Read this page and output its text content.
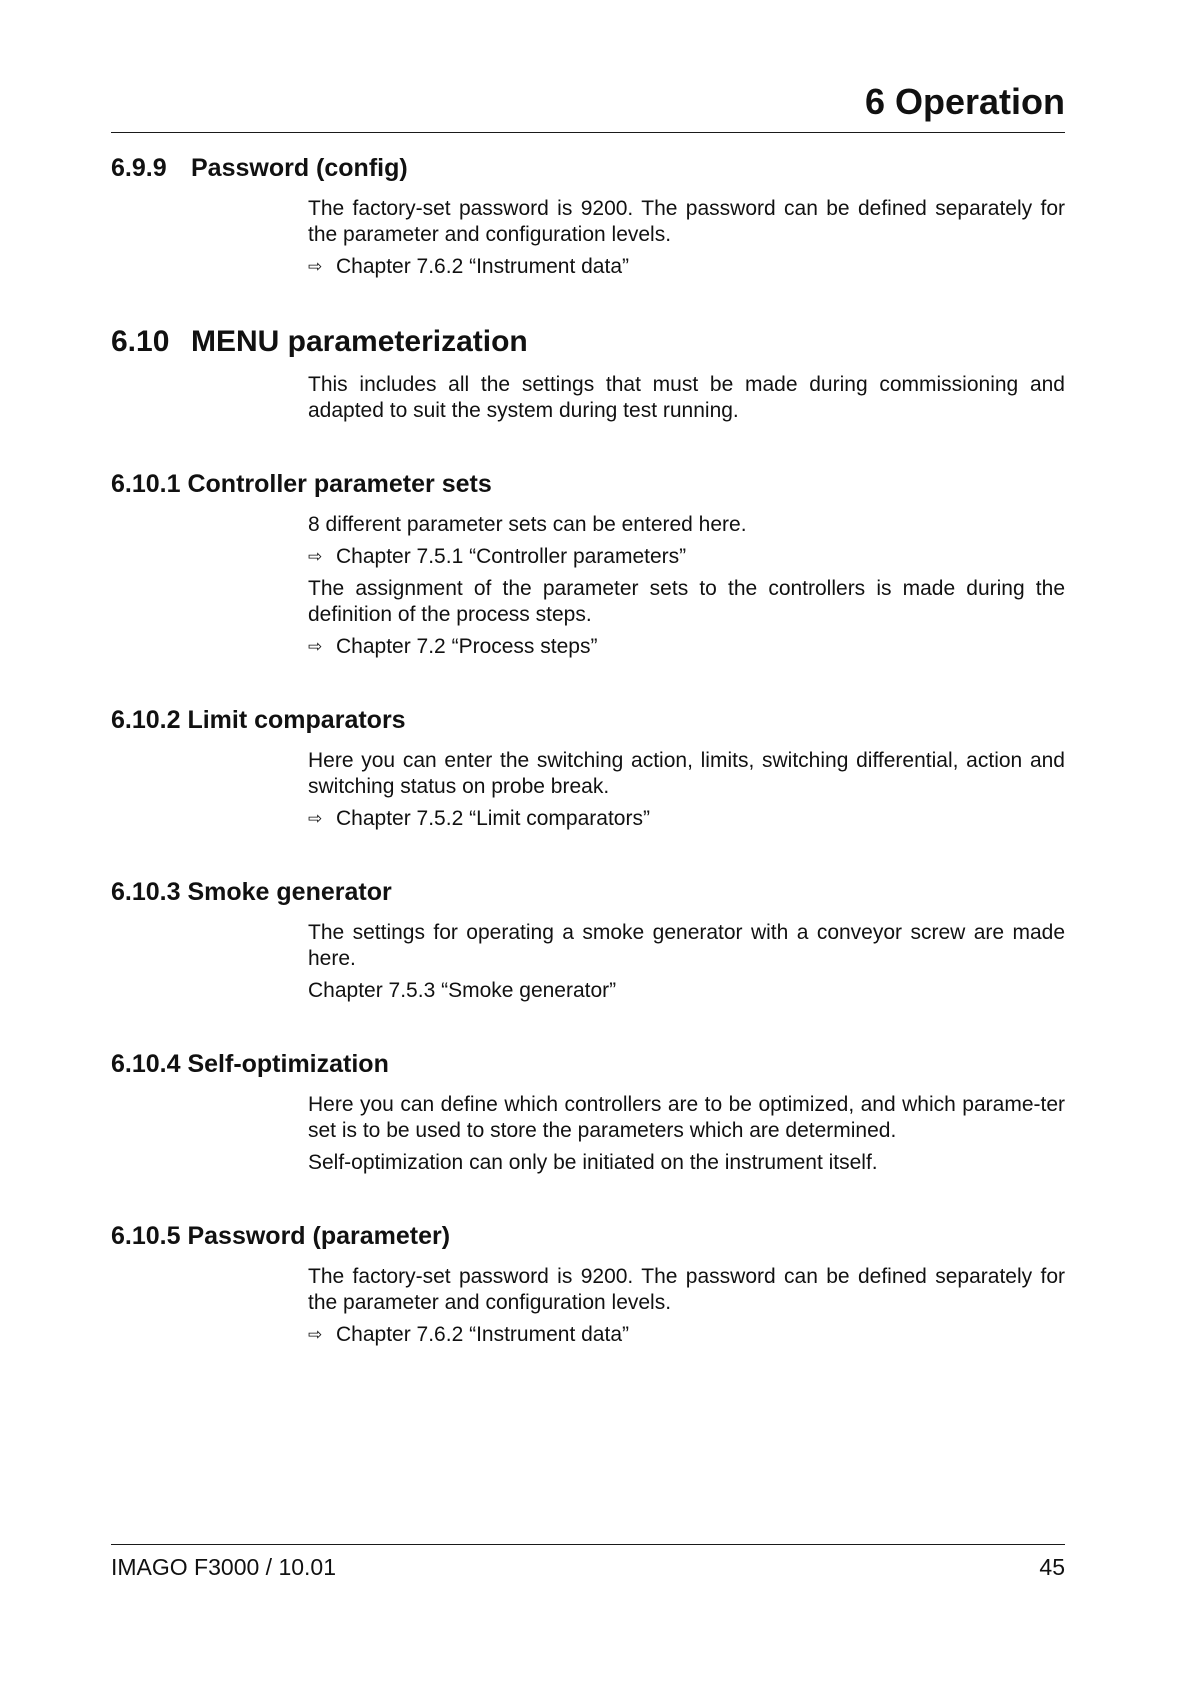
6 Operation
6.9.9 Password (config)

The factory-set password is 9200. The password can be defined separately for the parameter and configuration levels.

⇨ Chapter 7.6.2 “Instrument data”

6.10 MENU parameterization

This includes all the settings that must be made during commissioning and adapted to suit the system during test running.

6.10.1 Controller parameter sets

8 different parameter sets can be entered here.

⇨ Chapter 7.5.1 “Controller parameters”

The assignment of the parameter sets to the controllers is made during the definition of the process steps.

⇨ Chapter 7.2 “Process steps”

6.10.2 Limit comparators

Here you can enter the switching action, limits, switching differential, action and switching status on probe break.

⇨ Chapter 7.5.2 “Limit comparators”

6.10.3 Smoke generator

The settings for operating a smoke generator with a conveyor screw are made here.

Chapter 7.5.3 “Smoke generator”

6.10.4 Self-optimization

Here you can define which controllers are to be optimized, and which parame-ter set is to be used to store the parameters which are determined.

Self-optimization can only be initiated on the instrument itself.

6.10.5 Password (parameter)

The factory-set password is 9200. The password can be defined separately for the parameter and configuration levels.

⇨ Chapter 7.6.2 “Instrument data”

IMAGO F3000 / 10.01	45
